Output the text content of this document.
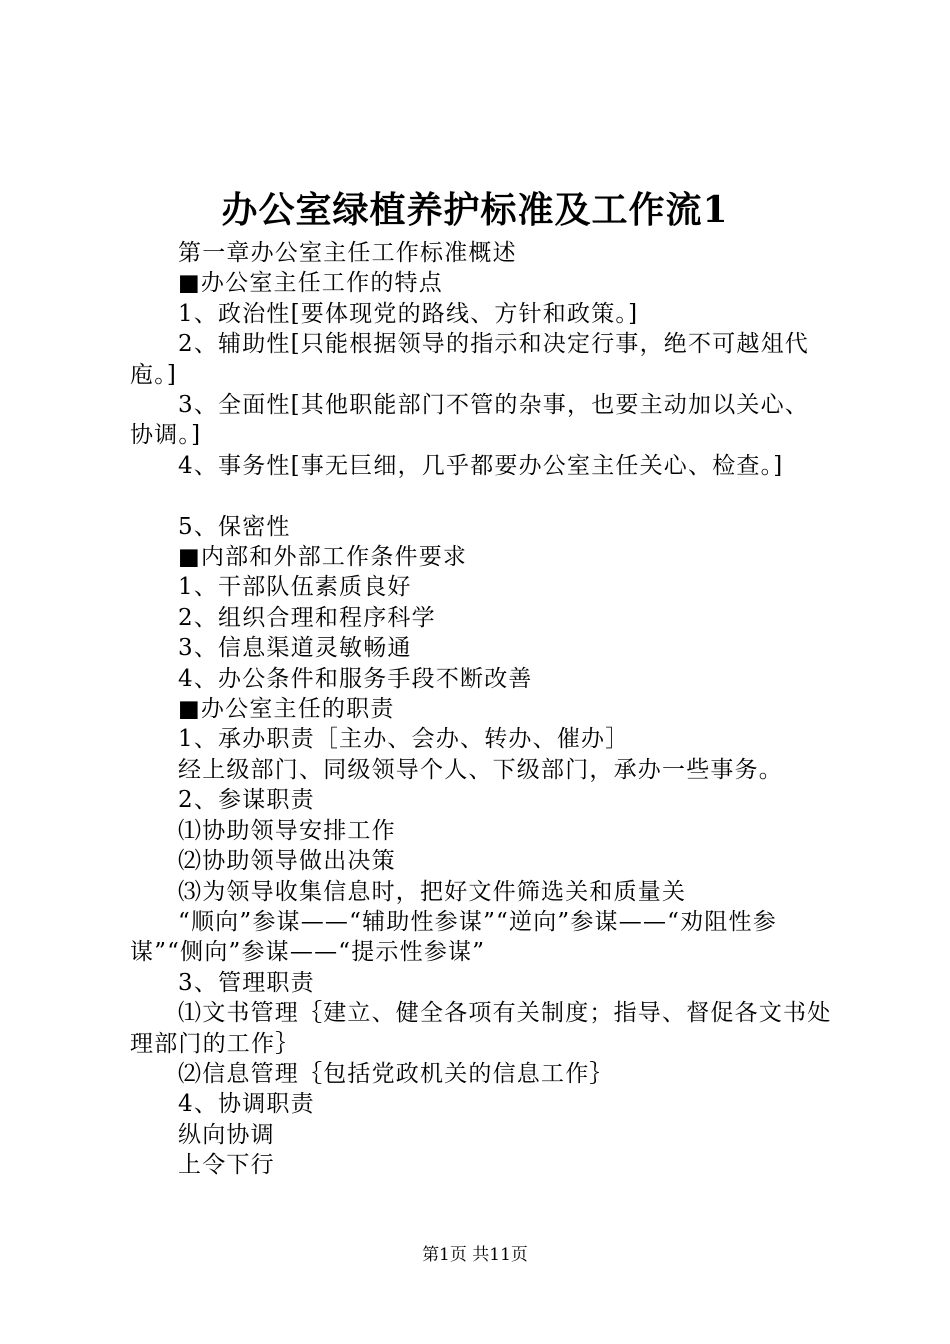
办公室绿植养护标准及工作流1

第一章办公室主任工作标准概述

■办公室主任工作的特点

1、政治性[要体现党的路线、方针和政策。]

2、辅助性[只能根据领导的指示和决定行事，绝不可越俎代庖。]

3、全面性[其他职能部门不管的杂事，也要主动加以关心、协调。]

4、事务性[事无巨细，几乎都要办公室主任关心、检查。]

5、保密性

■内部和外部工作条件要求

1、干部队伍素质良好

2、组织合理和程序科学

3、信息渠道灵敏畅通

4、办公条件和服务手段不断改善

■办公室主任的职责

1、承办职责［主办、会办、转办、催办］

经上级部门、同级领导个人、下级部门，承办一些事务。

2、参谋职责

⑴协助领导安排工作

⑵协助领导做出决策

⑶为领导收集信息时，把好文件筛选关和质量关

“顺向”参谋——“辅助性参谋”“逆向”参谋——“劝阻性参谋”“侧向”参谋——“提示性参谋”

3、管理职责

⑴文书管理｛建立、健全各项有关制度；指导、督促各文书处理部门的工作｝

⑵信息管理｛包括党政机关的信息工作｝

4、协调职责

纵向协调

上令下行

第1页 共11页
